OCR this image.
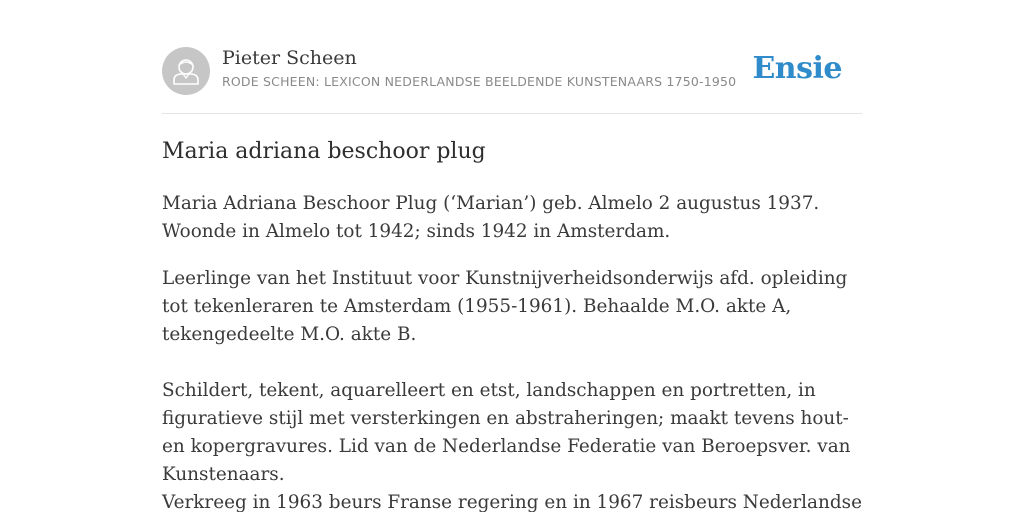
Pieter Scheen
RODE SCHEEN: LEXICON NEDERLANDSE BEELDENDE KUNSTENAARS 1750-1950 Ensie
Maria adriana beschoor plug

Maria Adriana Beschoor Plug (‘Marian’) geb. Almelo 2 augustus 1937. Woonde in Almelo tot 1942; sinds 1942 in Amsterdam.

Leerlinge van het Instituut voor Kunstnijverheidsonderwijs afd. opleiding tot tekenleraren te Amsterdam (1955-1961). Behaalde M.O. akte A, tekengedeelte M.O. akte B.

Schildert, tekent, aquarelleert en etst, landschappen en portretten, in figuratieve stijl met versterkingen en abstraheringen; maakt tevens hout- en kopergravures. Lid van de Nederlandse Federatie van Beroepsver. van Kunstenaars.

Verkreeg in 1963 beurs Franse regering en in 1967 reisbeurs Nederlandse
